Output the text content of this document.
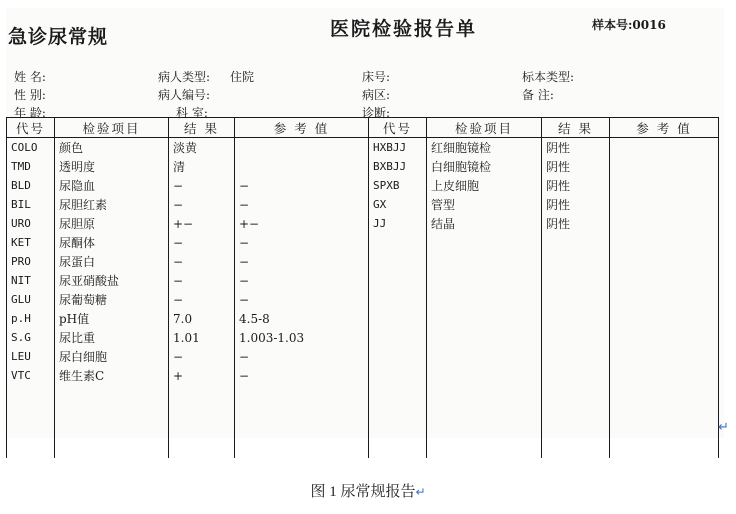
急诊尿常规	医院检验报告单	样本号:0016
姓 名:
性 别:
年 龄:
病人类型: 住院
病人编号:
科 室:
床号:
病区:
诊断:
标本类型:
备 注:
代号	检验项目	结 果	参 考 值	代号	检验项目	结 果	参 考 值
COLO	颜色	淡黄		HXBJJ	红细胞镜检	阴性	
TMD	透明度	清		BXBJJ	白细胞镜检	阴性	
BLD	尿隐血	−	−	SPXB	上皮细胞	阴性	
BIL	尿胆红素	−	−	GX	管型	阴性	
URO	尿胆原	+−	+−	JJ	结晶	阴性	
KET	尿酮体	−	−				
PRO	尿蛋白	−	−				
NIT	尿亚硝酸盐	−	−				
GLU	尿葡萄糖	−	−				
p.H	pH值	7.0	4.5-8				
S.G	尿比重	1.01	1.003-1.03				
LEU	尿白细胞	−	−				
VTC	维生素C	+	−				

↵
图 1 尿常规报告↵
